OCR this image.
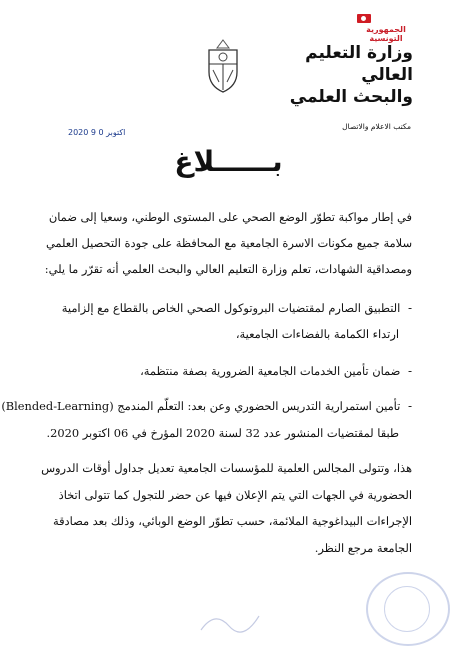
الجمهورية التونسية
وزارة التعليم العالي
والبحث العلمي
مكتب الاعلام والاتصال
2020 اكتوبر 0 9
بــــــلاغ
في إطار مواكبة تطوّر الوضع الصحي على المستوى الوطني، وسعيا إلى ضمان
سلامة جميع مكونات الاسرة الجامعية مع المحافظة على جودة التحصيل العلمي
ومصداقية الشهادات، تعلم وزارة التعليم العالي والبحث العلمي أنه تقرّر ما يلي:
-  التطبيق الصارم لمقتضيات البروتوكول الصحي الخاص بالقطاع مع إلزامية
ارتداء الكمامة بالفضاءات الجامعية،
-  ضمان تأمين الخدمات الجامعية الضرورية بصفة منتظمة،
-  تأمين استمرارية التدريس الحضوري وعن بعد: التعلّم المندمج (Blended-Learning)
طبقا لمقتضيات المنشور عدد 32 لسنة 2020 المؤرخ في 06 اكتوبر 2020.
هذا، وتتولى المجالس العلمية للمؤسسات الجامعية تعديل جداول أوقات الدروس
الحضورية في الجهات التي يتم الإعلان فيها عن حضر للتجول كما تتولى اتخاذ
الإجراءات البيداغوجية الملائمة، حسب تطوّر الوضع الوبائي، وذلك بعد مصادقة
الجامعة مرجع النظر.
